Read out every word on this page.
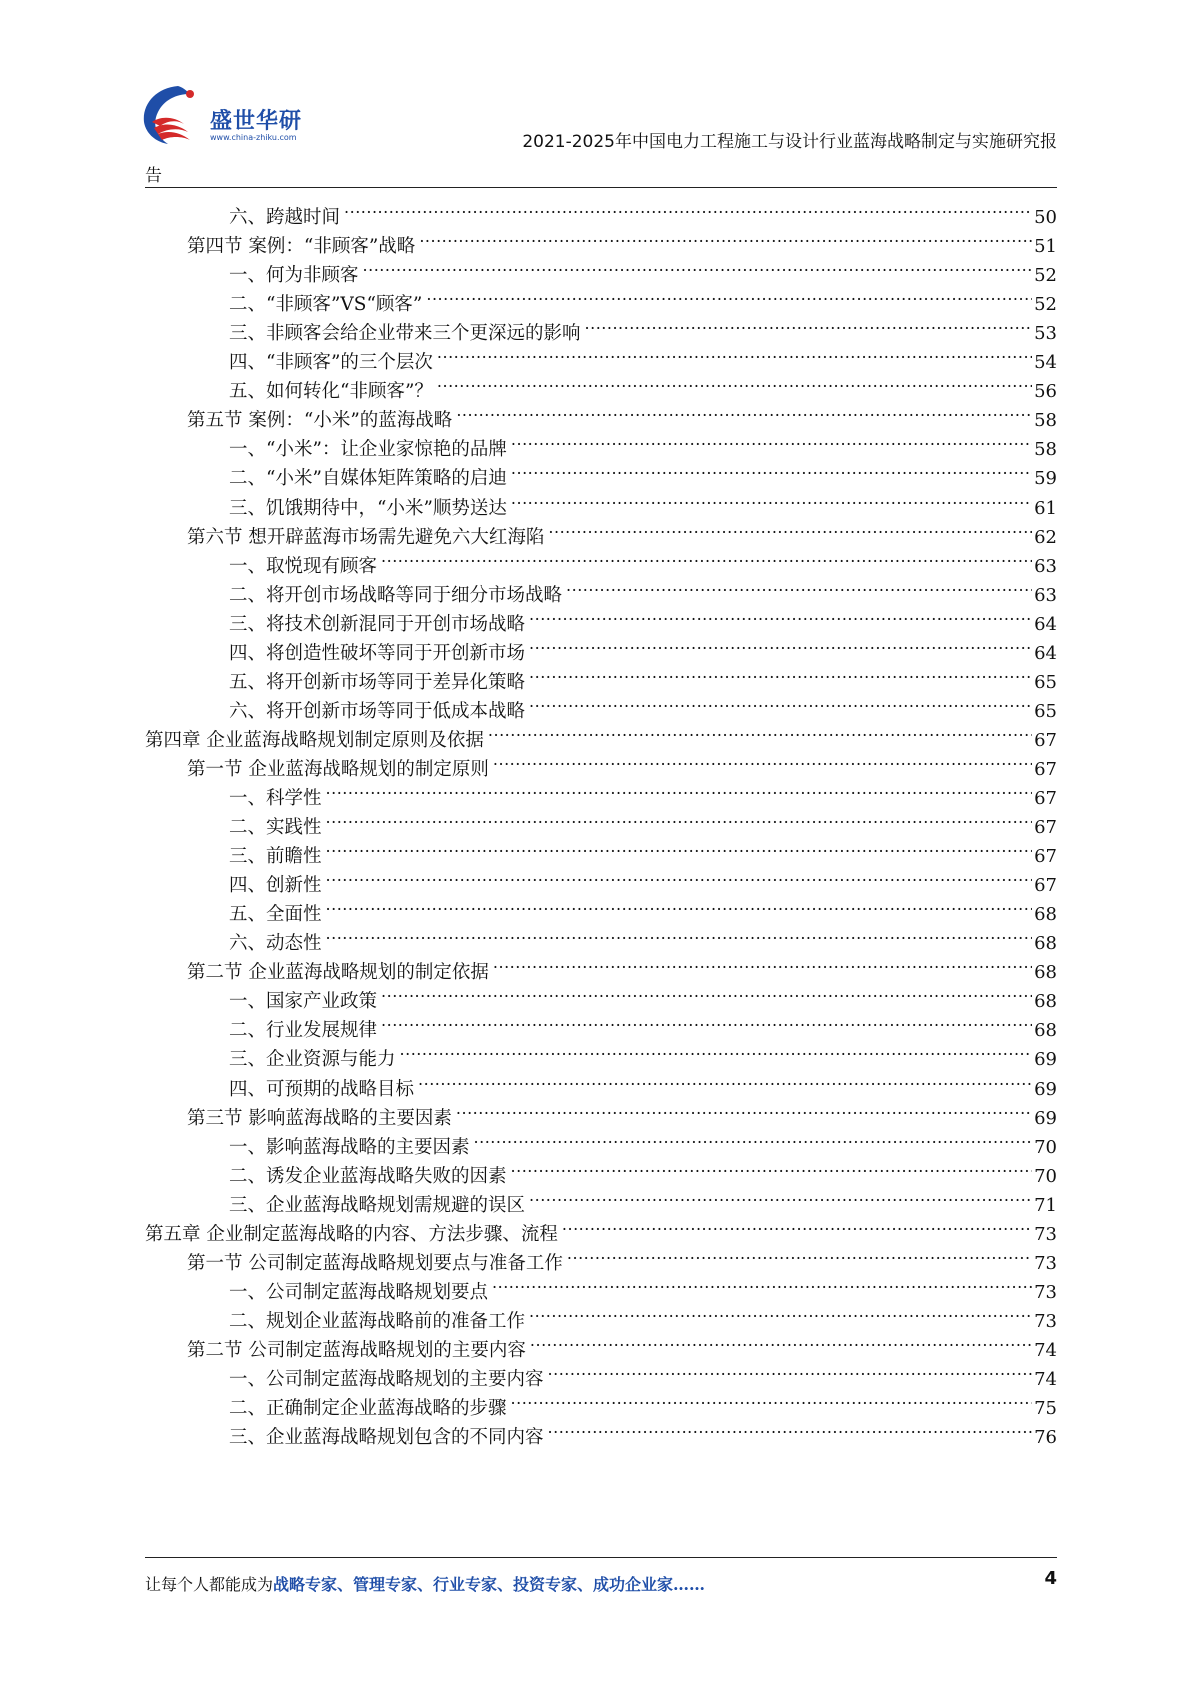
盛世华研
www.china-zhiku.com	2021-2025年中国电力工程施工与设计行业蓝海战略制定与实施研究报
告
六、跨越时间 .....	50
第四节 案例：“非顾客”战略 .....	51
一、何为非顾客 .....	52
二、“非顾客”VS“顾客” .....	52
三、非顾客会给企业带来三个更深远的影响 .....	53
四、“非顾客”的三个层次 .....	54
五、如何转化“非顾客”？ .....	56
第五节 案例：“小米”的蓝海战略 .....	58
一、“小米”：让企业家惊艳的品牌 .....	58
二、“小米”自媒体矩阵策略的启迪 .....	59
三、饥饿期待中，“小米”顺势送达 .....	61
第六节 想开辟蓝海市场需先避免六大红海陷 .....	62
一、取悦现有顾客 .....	63
二、将开创市场战略等同于细分市场战略 .....	63
三、将技术创新混同于开创市场战略 .....	64
四、将创造性破坏等同于开创新市场 .....	64
五、将开创新市场等同于差异化策略 .....	65
六、将开创新市场等同于低成本战略 .....	65
第四章 企业蓝海战略规划制定原则及依据 .....	67
第一节 企业蓝海战略规划的制定原则 .....	67
一、科学性 .....	67
二、实践性 .....	67
三、前瞻性 .....	67
四、创新性 .....	67
五、全面性 .....	68
六、动态性 .....	68
第二节 企业蓝海战略规划的制定依据 .....	68
一、国家产业政策 .....	68
二、行业发展规律 .....	68
三、企业资源与能力 .....	69
四、可预期的战略目标 .....	69
第三节 影响蓝海战略的主要因素 .....	69
一、影响蓝海战略的主要因素 .....	70
二、诱发企业蓝海战略失败的因素 .....	70
三、企业蓝海战略规划需规避的误区 .....	71
第五章 企业制定蓝海战略的内容、方法步骤、流程 .....	73
第一节 公司制定蓝海战略规划要点与准备工作 .....	73
一、公司制定蓝海战略规划要点 .....	73
二、规划企业蓝海战略前的准备工作 .....	73
第二节 公司制定蓝海战略规划的主要内容 .....	74
一、公司制定蓝海战略规划的主要内容 .....	74
二、正确制定企业蓝海战略的步骤 .....	75
三、企业蓝海战略规划包含的不同内容 .....	76
让每个人都能成为战略专家、管理专家、行业专家、投资专家、成功企业家……	4
